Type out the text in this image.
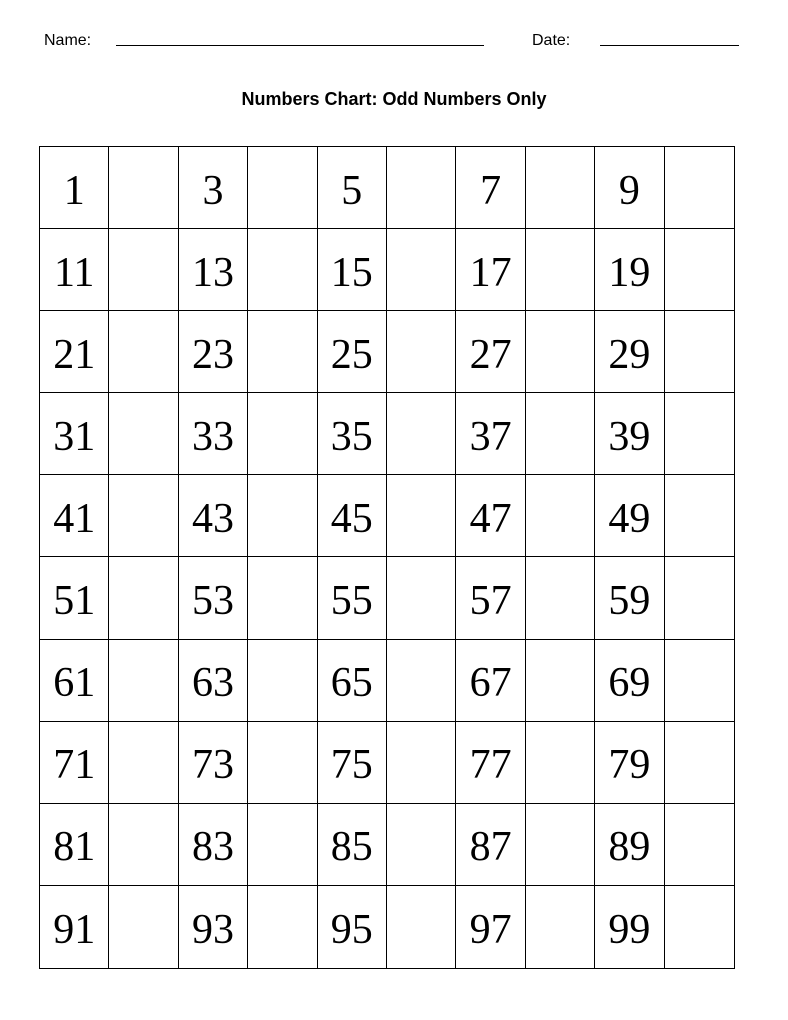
Name:	Date:
Numbers Chart: Odd Numbers Only
1	3	5	7	9
11	13	15	17	19
21	23	25	27	29
31	33	35	37	39
41	43	45	47	49
51	53	55	57	59
61	63	65	67	69
71	73	75	77	79
81	83	85	87	89
91	93	95	97	99
